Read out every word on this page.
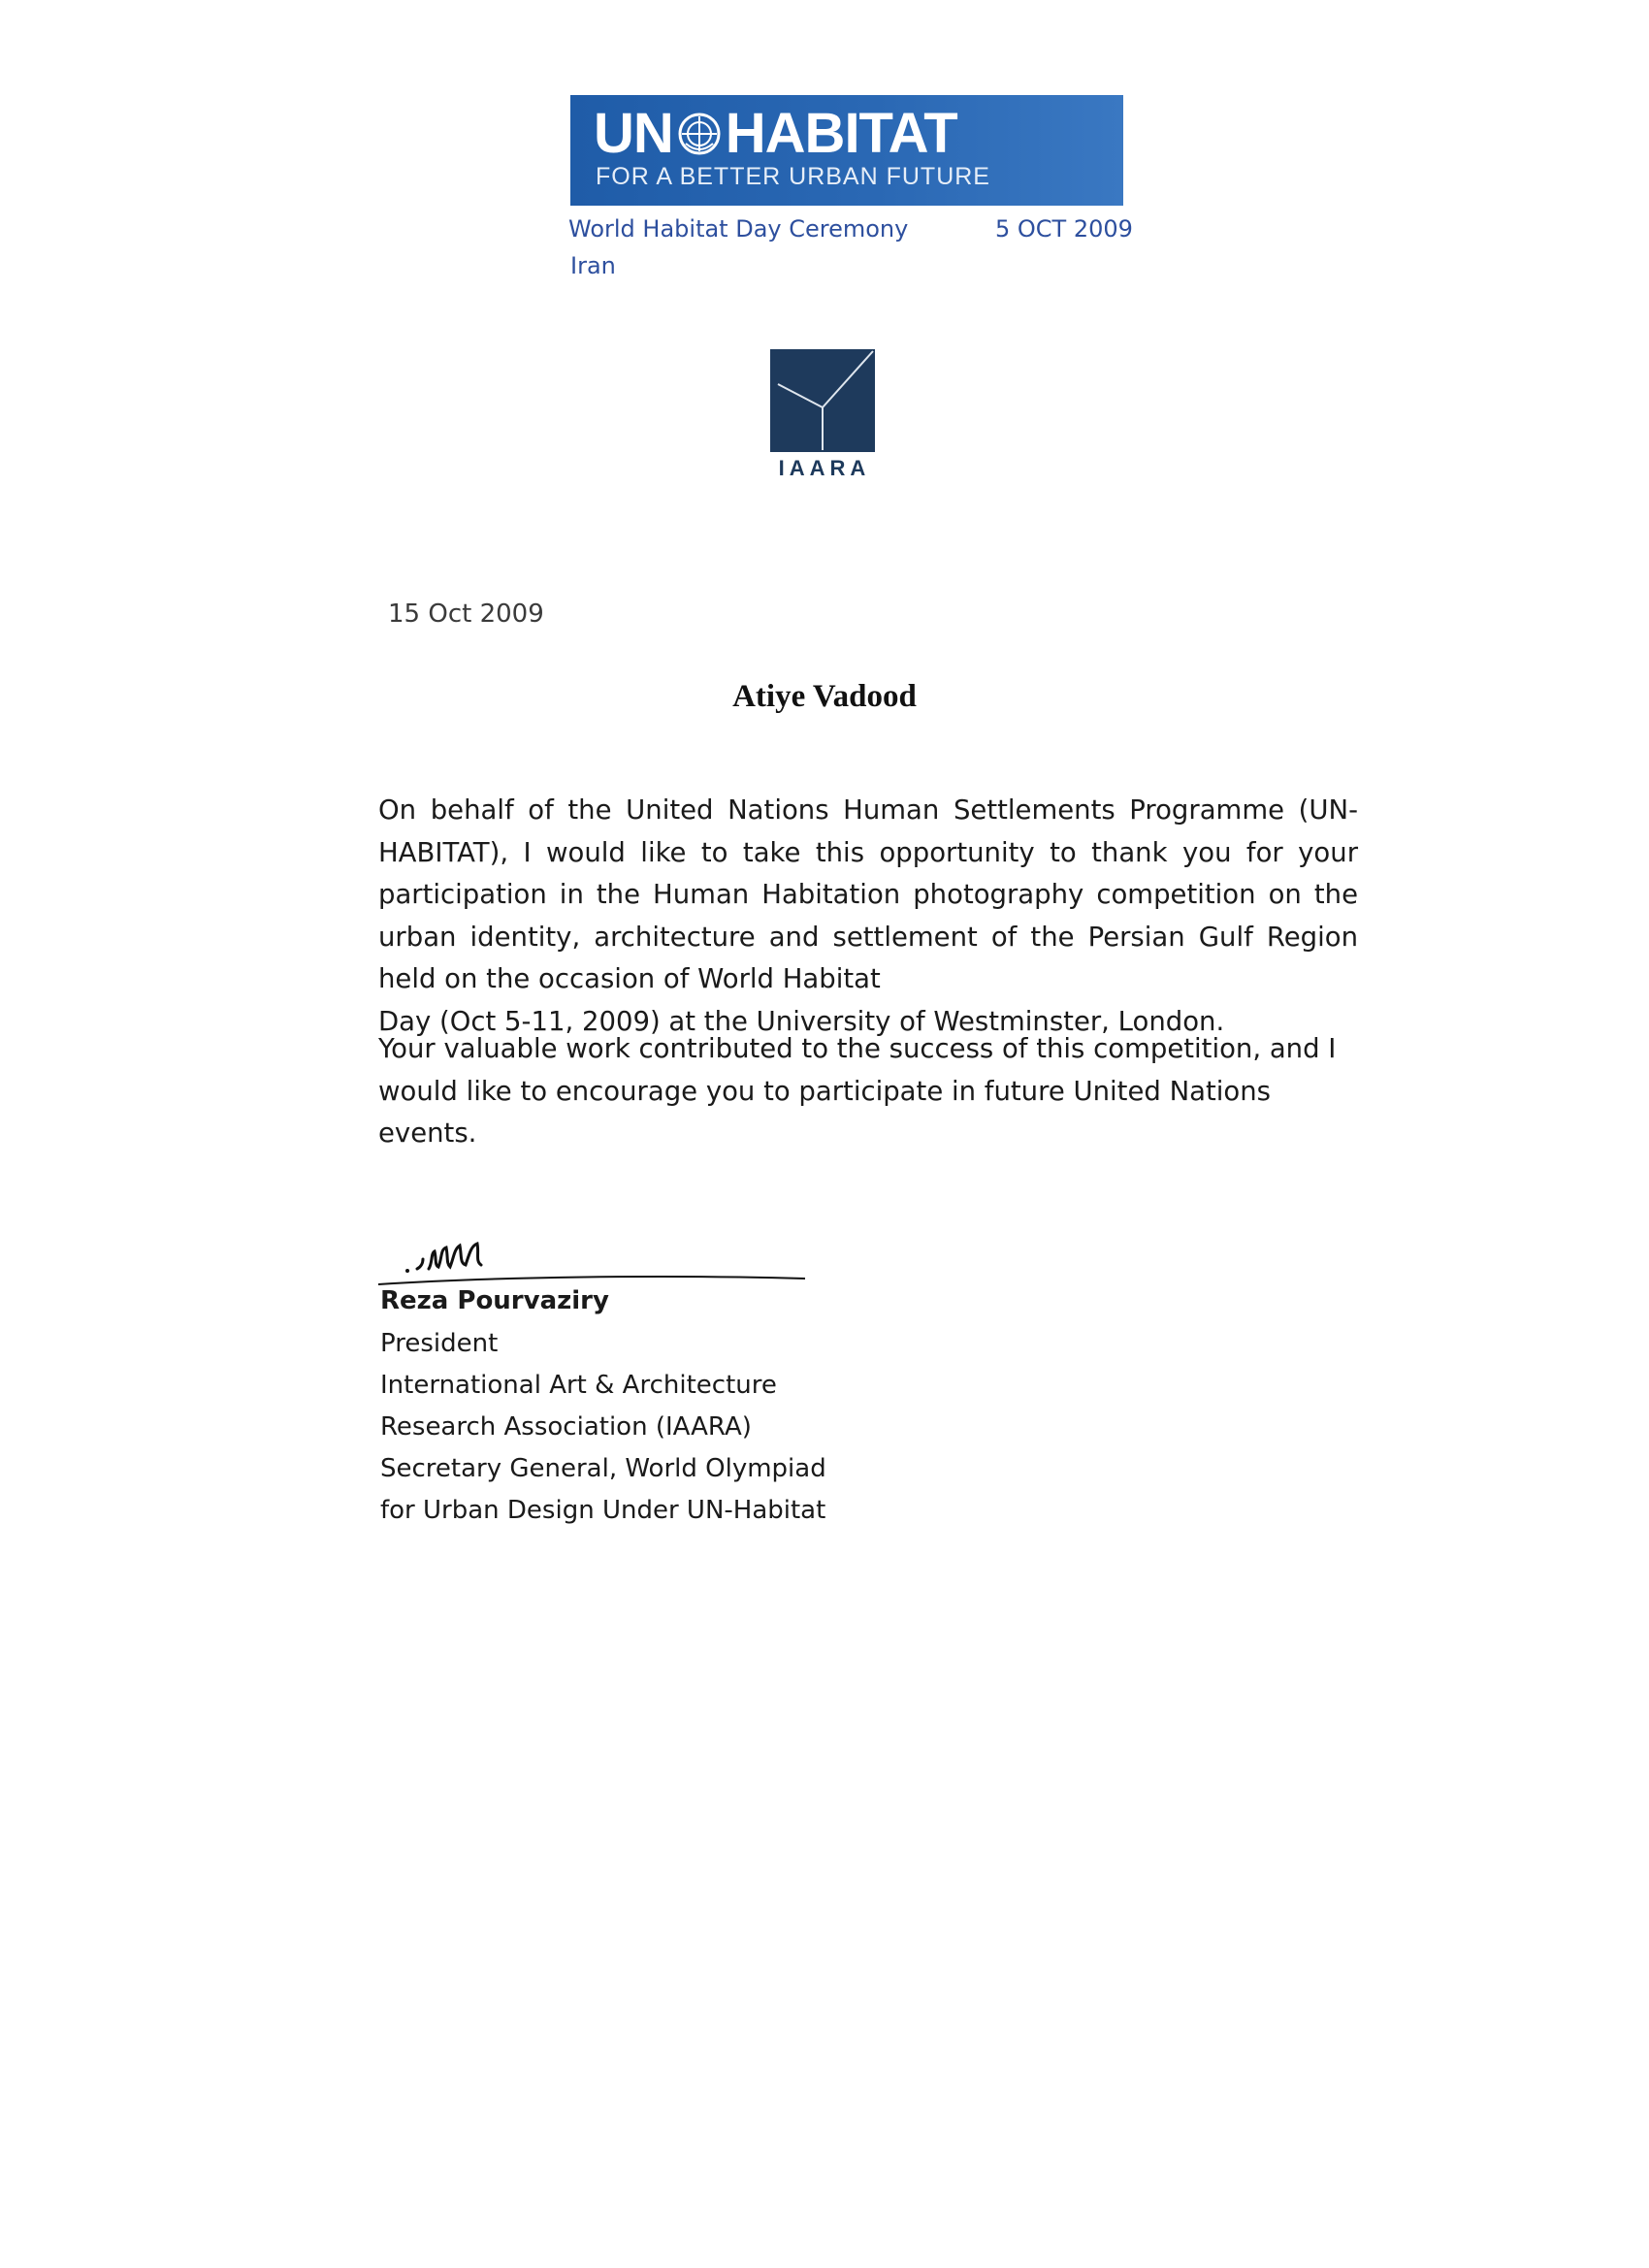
UN HABITAT
FOR A BETTER URBAN FUTURE
World Habitat Day Ceremony	5 OCT 2009
Iran
IAARA
15 Oct 2009
Atiye Vadood
On behalf of the United Nations Human Settlements Programme (UN-HABITAT), I would like to take this opportunity to thank you for your participation in the Human Habitation photography competition on the urban identity, architecture and settlement of the Persian Gulf Region held on the occasion of World Habitat
Day (Oct 5-11, 2009) at the University of Westminster, London.
Your valuable work contributed to the success of this competition, and I would like to encourage you to participate in future United Nations events.
Reza Pourvaziry
President
International Art & Architecture
Research Association (IAARA)
Secretary General, World Olympiad
for Urban Design Under UN-Habitat
